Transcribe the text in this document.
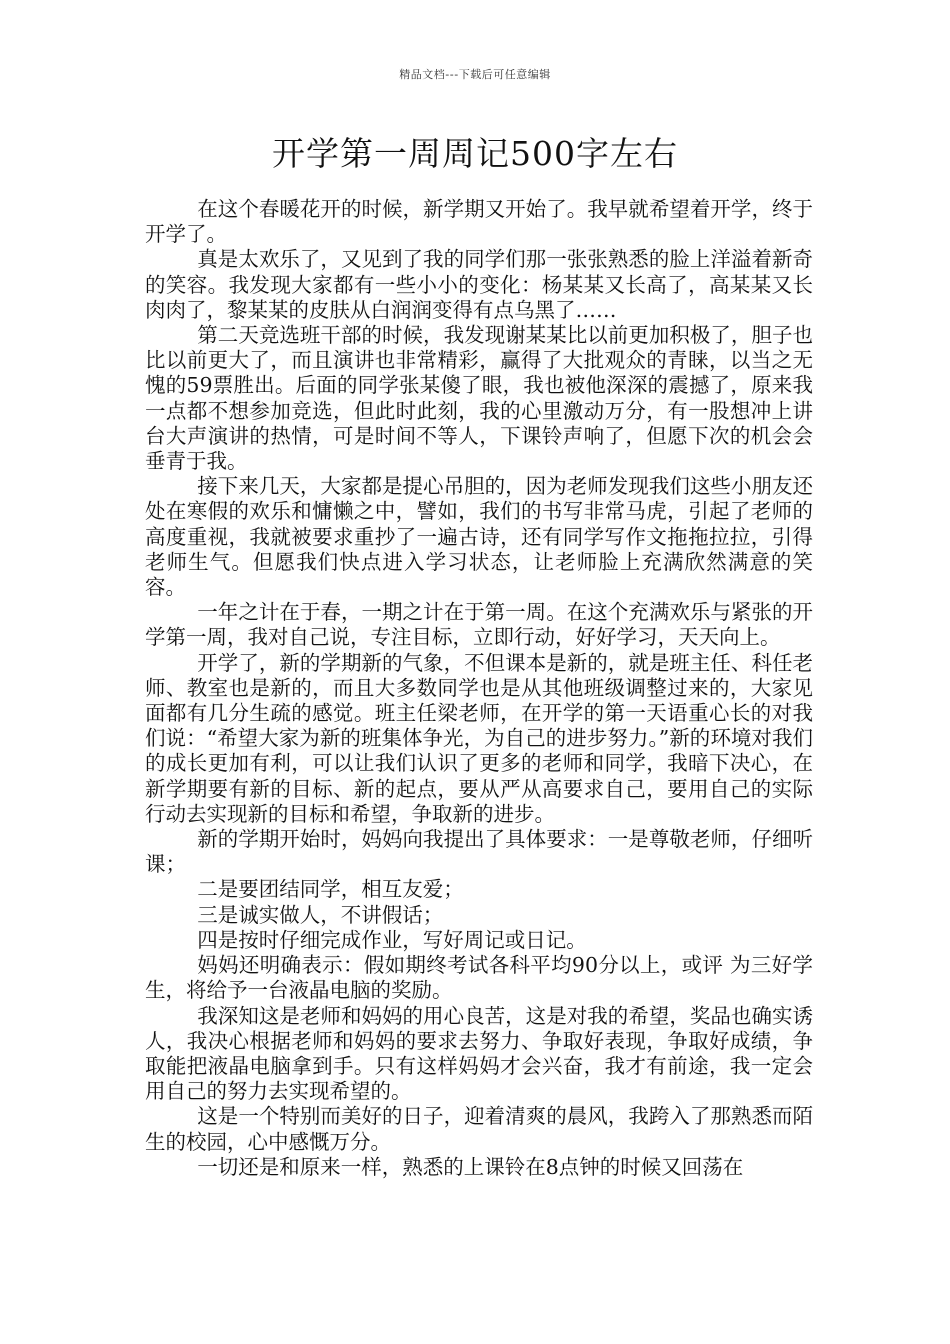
精品文档---下载后可任意编辑
开学第一周周记500字左右

在这个春暖花开的时候，新学期又开始了。我早就希望着开学，终于开学了。

真是太欢乐了，又见到了我的同学们那一张张熟悉的脸上洋溢着新奇的笑容。我发现大家都有一些小小的变化：杨某某又长高了，高某某又长肉肉了，黎某某的皮肤从白润润变得有点乌黑了……

第二天竞选班干部的时候，我发现谢某某比以前更加积极了，胆子也比以前更大了，而且演讲也非常精彩，赢得了大批观众的青睐，以当之无愧的59票胜出。后面的同学张某傻了眼，我也被他深深的震撼了，原来我一点都不想参加竞选，但此时此刻，我的心里激动万分，有一股想冲上讲台大声演讲的热情，可是时间不等人，下课铃声响了，但愿下次的机会会垂青于我。

接下来几天，大家都是提心吊胆的，因为老师发现我们这些小朋友还处在寒假的欢乐和慵懒之中，譬如，我们的书写非常马虎，引起了老师的高度重视，我就被要求重抄了一遍古诗，还有同学写作文拖拖拉拉，引得老师生气。但愿我们快点进入学习状态，让老师脸上充满欣然满意的笑容。

一年之计在于春，一期之计在于第一周。在这个充满欢乐与紧张的开学第一周，我对自己说，专注目标，立即行动，好好学习，天天向上。

开学了，新的学期新的气象，不但课本是新的，就是班主任、科任老师、教室也是新的，而且大多数同学也是从其他班级调整过来的，大家见面都有几分生疏的感觉。班主任梁老师，在开学的第一天语重心长的对我们说：“希望大家为新的班集体争光，为自己的进步努力。”新的环境对我们的成长更加有利，可以让我们认识了更多的老师和同学，我暗下决心，在新学期要有新的目标、新的起点，要从严从高要求自己，要用自己的实际行动去实现新的目标和希望，争取新的进步。

新的学期开始时，妈妈向我提出了具体要求：一是尊敬老师，仔细听课；

二是要团结同学，相互友爱；

三是诚实做人，不讲假话；

四是按时仔细完成作业，写好周记或日记。

妈妈还明确表示：假如期终考试各科平均90分以上，或评 为三好学生，将给予一台液晶电脑的奖励。

我深知这是老师和妈妈的用心良苦，这是对我的希望，奖品也确实诱人，我决心根据老师和妈妈的要求去努力、争取好表现，争取好成绩，争取能把液晶电脑拿到手。只有这样妈妈才会兴奋，我才有前途，我一定会用自己的努力去实现希望的。

这是一个特别而美好的日子，迎着清爽的晨风，我跨入了那熟悉而陌生的校园，心中感慨万分。

一切还是和原来一样，熟悉的上课铃在8点钟的时候又回荡在
